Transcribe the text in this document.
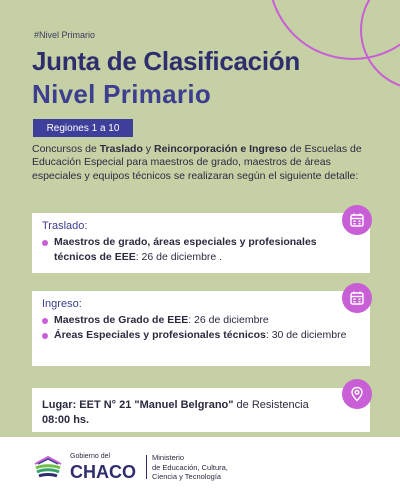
#Nivel Primario
Junta de Clasificación
Nivel Primario
Regiones 1 a 10
Concursos de Traslado y Reincorporación e Ingreso de Escuelas de Educación Especial para maestros de grado, maestros de áreas especiales y equipos técnicos se realizaran según el siguiente detalle:
Traslado:
Maestros de grado, áreas especiales y profesionales técnicos de EEE: 26 de diciembre .
Ingreso:
Maestros de Grado de EEE: 26 de diciembre
Áreas Especiales y profesionales técnicos: 30 de diciembre
Lugar: EET N° 21 "Manuel Belgrano" de Resistencia
08:00 hs.
Gobierno del
CHACO
Ministerio
de Educación, Cultura,
Ciencia y Tecnología
